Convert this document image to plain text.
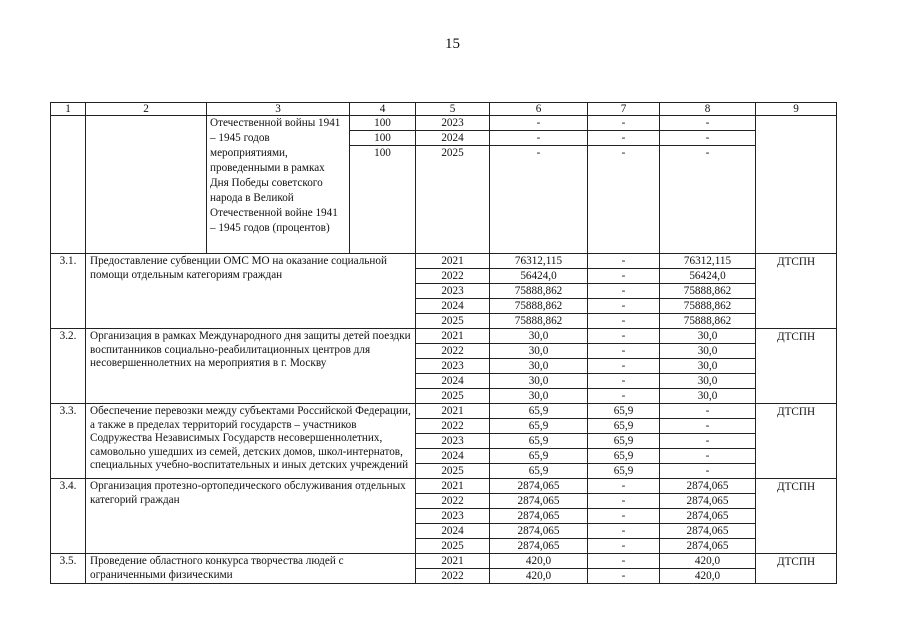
15
1	2	3	4	5	6	7	8	9
		Отечественной войны 1941 – 1945 годов мероприятиями, проведенными в рамках Дня Победы советского народа в Великой Отечественной войне 1941 – 1945 годов (процентов)	100	2023	-	-	-	
			100	2024	-	-	-	
			100	2025	-	-	-	
3.1.	Предоставление субвенции ОМС МО на оказание социальной помощи отдельным категориям граждан			2021	76312,115	-	76312,115	ДТСПН
				2022	56424,0	-	56424,0	
				2023	75888,862	-	75888,862	
				2024	75888,862	-	75888,862	
				2025	75888,862	-	75888,862	
3.2.	Организация в рамках Международного дня защиты детей поездки воспитанников социально-реабилитационных центров для несовершеннолетних на мероприятия в г. Москву			2021	30,0	-	30,0	ДТСПН
				2022	30,0	-	30,0	
				2023	30,0	-	30,0	
				2024	30,0	-	30,0	
				2025	30,0	-	30,0	
3.3.	Обеспечение перевозки между субъектами Российской Федерации, а также в пределах территорий государств – участников Содружества Независимых Государств несовершеннолетних, самовольно ушедших из семей, детских домов, школ-интернатов, специальных учебно-воспитательных и иных детских учреждений			2021	65,9	65,9	-	ДТСПН
				2022	65,9	65,9	-	
				2023	65,9	65,9	-	
				2024	65,9	65,9	-	
				2025	65,9	65,9	-	
3.4.	Организация протезно-ортопедического обслуживания отдельных категорий граждан			2021	2874,065	-	2874,065	ДТСПН
				2022	2874,065	-	2874,065	
				2023	2874,065	-	2874,065	
				2024	2874,065	-	2874,065	
				2025	2874,065	-	2874,065	
3.5.	Проведение областного конкурса творчества людей с ограниченными физическими			2021	420,0	-	420,0	ДТСПН
				2022	420,0	-	420,0	
